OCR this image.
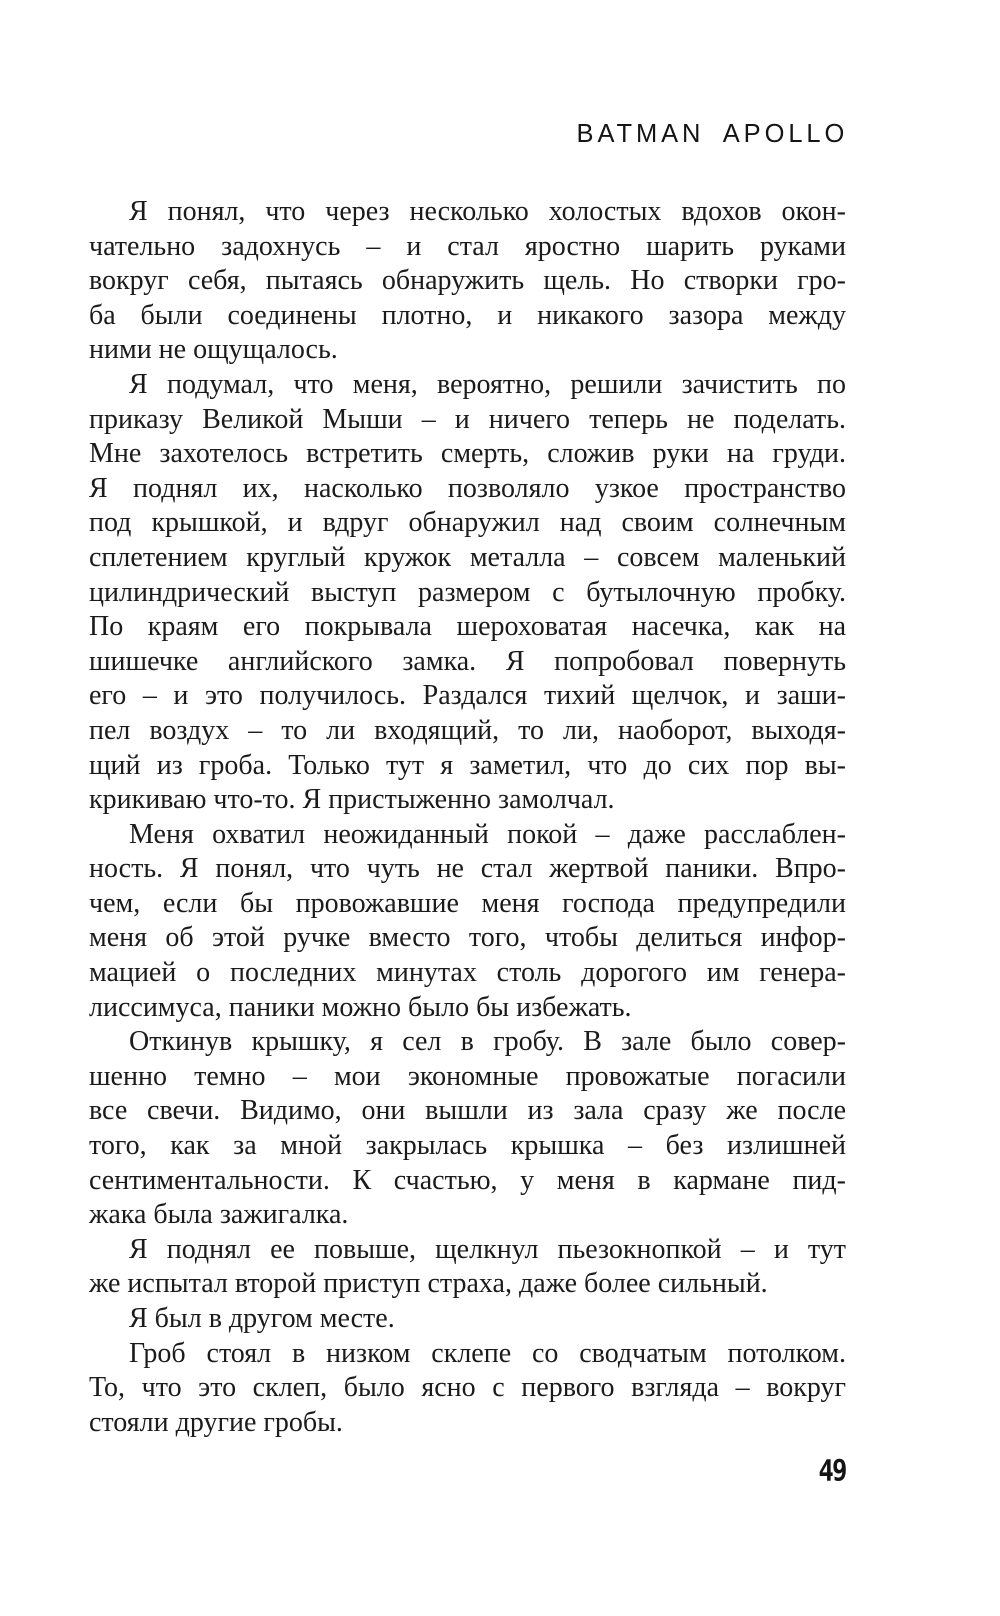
BATMAN APOLLO
Я понял, что через несколько холостых вдохов окон-
чательно задохнусь – и стал яростно шарить руками
вокруг себя, пытаясь обнаружить щель. Но створки гро-
ба были соединены плотно, и никакого зазора между
ними не ощущалось.
Я подумал, что меня, вероятно, решили зачистить по
приказу Великой Мыши – и ничего теперь не поделать.
Мне захотелось встретить смерть, сложив руки на груди.
Я поднял их, насколько позволяло узкое пространство
под крышкой, и вдруг обнаружил над своим солнечным
сплетением круглый кружок металла – совсем маленький
цилиндрический выступ размером с бутылочную пробку.
По краям его покрывала шероховатая насечка, как на
шишечке английского замка. Я попробовал повернуть
его – и это получилось. Раздался тихий щелчок, и заши-
пел воздух – то ли входящий, то ли, наоборот, выходя-
щий из гроба. Только тут я заметил, что до сих пор вы-
крикиваю что-то. Я пристыженно замолчал.
Меня охватил неожиданный покой – даже расслаблен-
ность. Я понял, что чуть не стал жертвой паники. Впро-
чем, если бы провожавшие меня господа предупредили
меня об этой ручке вместо того, чтобы делиться инфор-
мацией о последних минутах столь дорогого им генера-
лиссимуса, паники можно было бы избежать.
Откинув крышку, я сел в гробу. В зале было совер-
шенно темно – мои экономные провожатые погасили
все свечи. Видимо, они вышли из зала сразу же после
того, как за мной закрылась крышка – без излишней
сентиментальности. К счастью, у меня в кармане пид-
жака была зажигалка.
Я поднял ее повыше, щелкнул пьезокнопкой – и тут
же испытал второй приступ страха, даже более сильный.
Я был в другом месте.
Гроб стоял в низком склепе со сводчатым потолком.
То, что это склеп, было ясно с первого взгляда – вокруг
стояли другие гробы.
49
